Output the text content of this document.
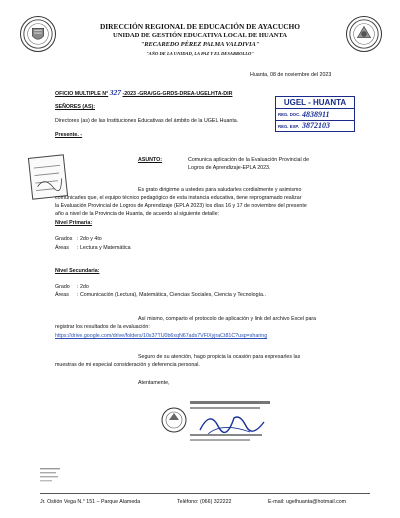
DIRECCIÓN REGIONAL DE EDUCACIÓN DE AYACUCHO
UNIDAD DE GESTIÓN EDUCATIVA LOCAL DE HUANTA
"RECAREDO PÉREZ PALMA VALDIVIA"
"AÑO DE LA UNIDAD, LA PAZ Y EL DESARROLLO"
Huanta, 08 de noviembre del 2023
OFICIO MULTIPLE N° 327 -2023 -GRA/GG-GRDS-DREA-UGELHTA-DIR
UGEL - HUANTA
REG. DOC. 4838911
REG. EXP. 3872103
SEÑORES (AS):
Directores (as) de las Instituciones Educativas del ámbito de la UGEL Huanta.
Presente. -
ASUNTO:	Comunica aplicación de la Evaluación Provincial de
Logros de Aprendizaje-EPLA 2023.
Es grato dirigirme a ustedes para saludarles cordialmente y asimismo
comunicarles que, el equipo técnico pedagógico de esta instancia educativa, tiene reprogramado realizar
la Evaluación Provincial de Logros de Aprendizaje (EPLA 2023) los días 16 y 17 de noviembre del presente
año a nivel de la Provincia de Huanta, de acuerdo al siguiente detalle:
Nivel Primaria:
Grados : 2do y 4to
Áreas : Lectura y Matemática
Nivel Secundaria:
Grado : 2do
Áreas : Comunicación (Lectura), Matemática, Ciencias Sociales, Ciencia y Tecnología..
Así mismo, comparto el protocolo de aplicación y link del archivo Excel para
registrar los resultados de la evaluación:
https://drive.google.com/drive/folders/10s37TU0b6xqN67ads7VFlXyjraCt81C?usp=sharing
Seguro de su atención, hago propicia la ocasión para expresarles las
muestras de mi especial consideración y deferencia personal.
Atentamente,
Jr. Ostión Vega N.° 151 – Parque Alameda	Teléfono: (066) 322222	E-mail: ugelhuanta@hotmail.com
